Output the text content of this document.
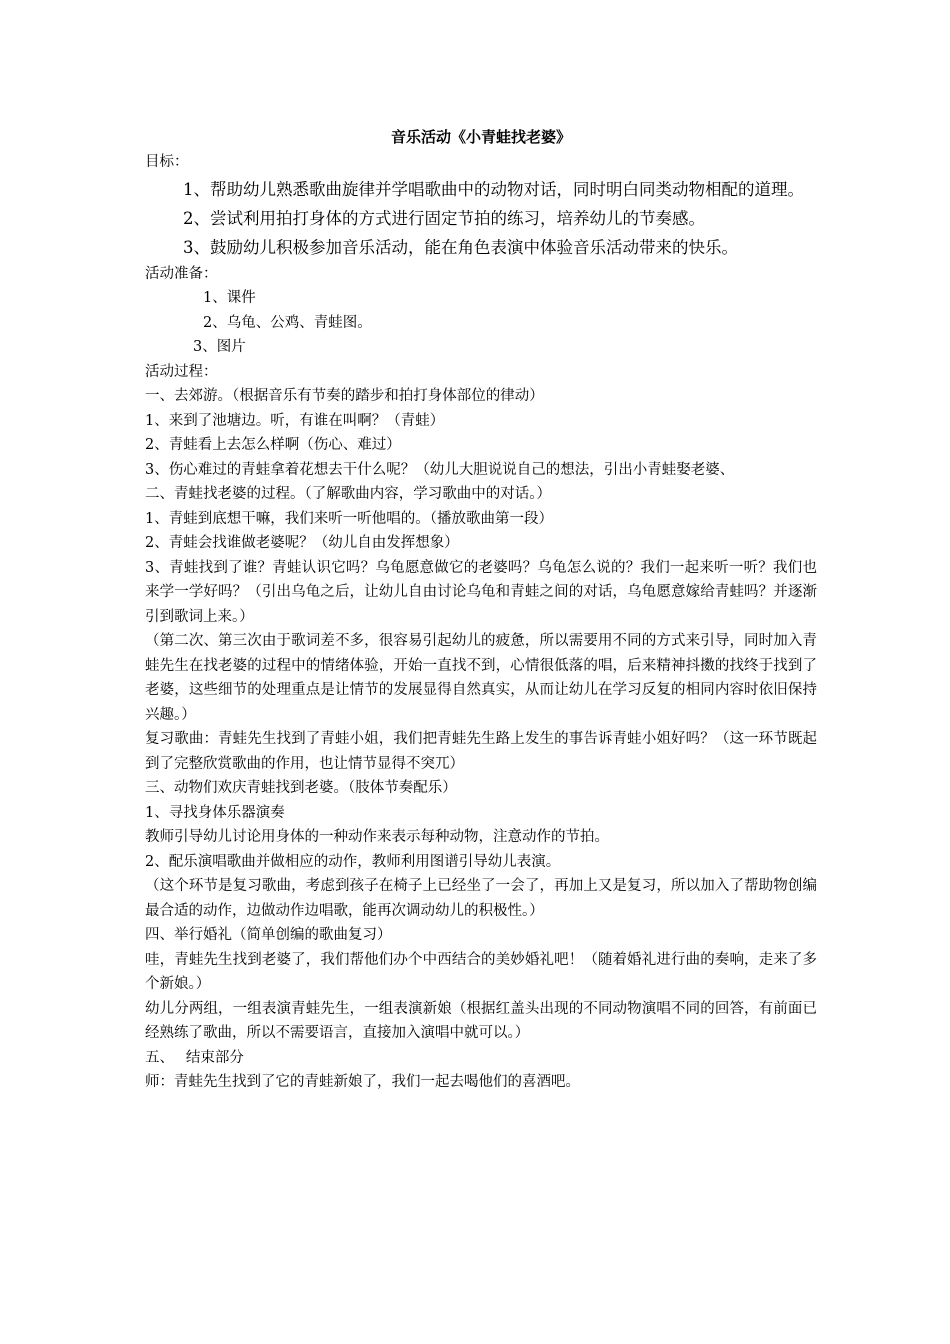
音乐活动《小青蛙找老婆》
目标：
1、帮助幼儿熟悉歌曲旋律并学唱歌曲中的动物对话，同时明白同类动物相配的道理。
2、尝试利用拍打身体的方式进行固定节拍的练习，培养幼儿的节奏感。
3、鼓励幼儿积极参加音乐活动，能在角色表演中体验音乐活动带来的快乐。
活动准备：
1、课件
2、乌龟、公鸡、青蛙图。
3、图片
活动过程：
一、去郊游。（根据音乐有节奏的踏步和拍打身体部位的律动）
1、来到了池塘边。听，有谁在叫啊？（青蛙）
2、青蛙看上去怎么样啊（伤心、难过）
3、伤心难过的青蛙拿着花想去干什么呢？（幼儿大胆说说自己的想法，引出小青蛙娶老婆、
二、青蛙找老婆的过程。（了解歌曲内容，学习歌曲中的对话。）
1、青蛙到底想干嘛，我们来听一听他唱的。（播放歌曲第一段）
2、青蛙会找谁做老婆呢？（幼儿自由发挥想象）
3、青蛙找到了谁？青蛙认识它吗？乌龟愿意做它的老婆吗？乌龟怎么说的？我们一起来听一听？我们也来学一学好吗？（引出乌龟之后，让幼儿自由讨论乌龟和青蛙之间的对话，乌龟愿意嫁给青蛙吗？并逐渐引到歌词上来。）
（第二次、第三次由于歌词差不多，很容易引起幼儿的疲惫，所以需要用不同的方式来引导，同时加入青蛙先生在找老婆的过程中的情绪体验，开始一直找不到，心情很低落的唱，后来精神抖擞的找终于找到了老婆，这些细节的处理重点是让情节的发展显得自然真实，从而让幼儿在学习反复的相同内容时依旧保持兴趣。）
复习歌曲：青蛙先生找到了青蛙小姐，我们把青蛙先生路上发生的事告诉青蛙小姐好吗？（这一环节既起到了完整欣赏歌曲的作用，也让情节显得不突兀）
三、动物们欢庆青蛙找到老婆。（肢体节奏配乐）
1、寻找身体乐器演奏
教师引导幼儿讨论用身体的一种动作来表示每种动物，注意动作的节拍。
2、配乐演唱歌曲并做相应的动作，教师利用图谱引导幼儿表演。
（这个环节是复习歌曲，考虑到孩子在椅子上已经坐了一会了，再加上又是复习，所以加入了帮助物创编最合适的动作，边做动作边唱歌，能再次调动幼儿的积极性。）
四、举行婚礼（简单创编的歌曲复习）
哇，青蛙先生找到老婆了，我们帮他们办个中西结合的美妙婚礼吧！（随着婚礼进行曲的奏响，走来了多个新娘。）
幼儿分两组，一组表演青蛙先生，一组表演新娘（根据红盖头出现的不同动物演唱不同的回答，有前面已经熟练了歌曲，所以不需要语言，直接加入演唱中就可以。）
五、　 结束部分
师：青蛙先生找到了它的青蛙新娘了，我们一起去喝他们的喜酒吧。
